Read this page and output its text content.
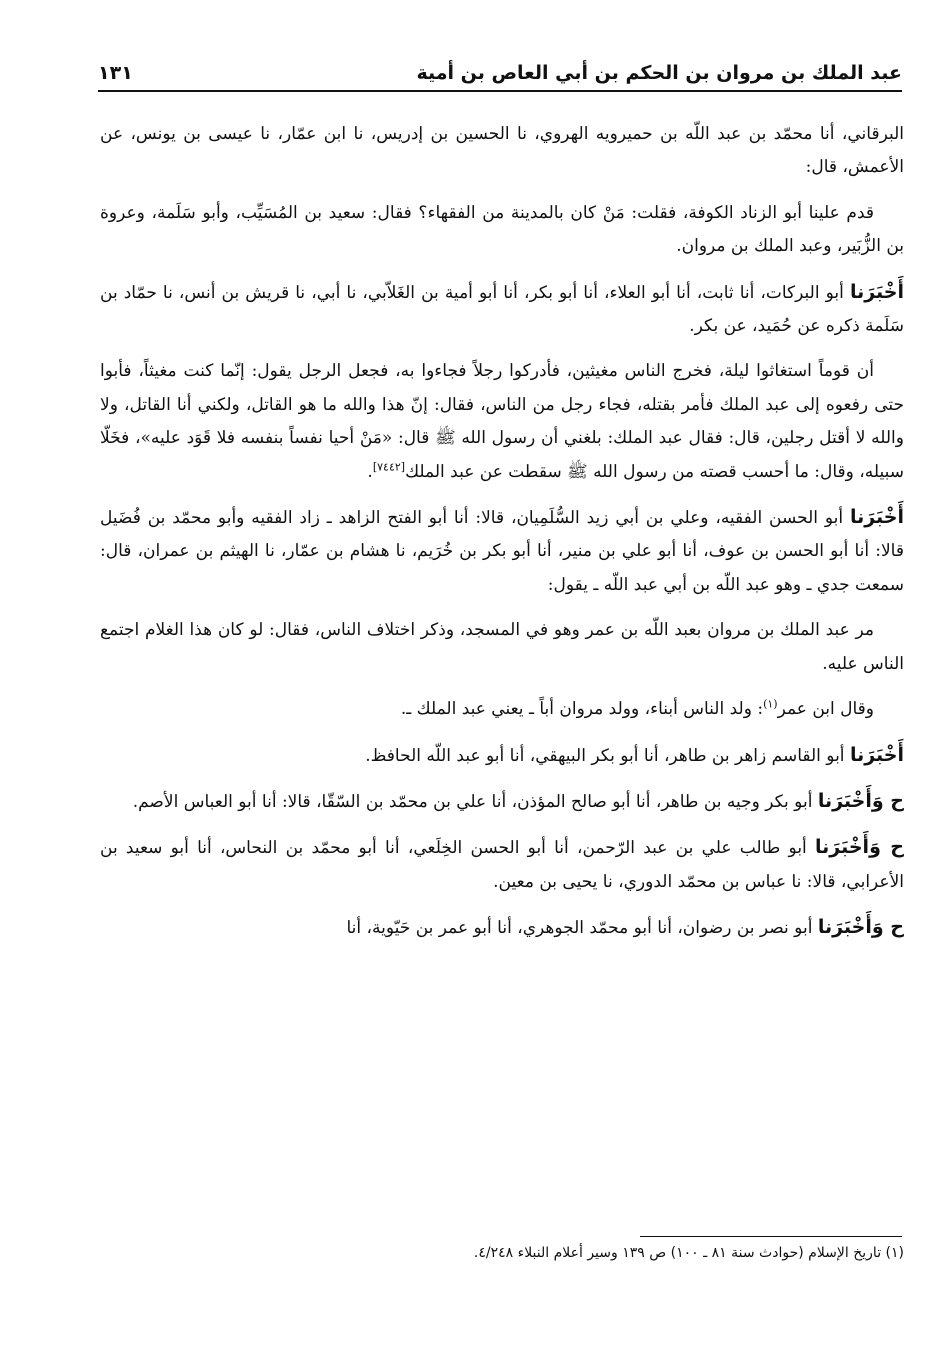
عبد الملك بن مروان بن الحكم بن أبي العاص بن أمية
١٣١

البرقاني، أنا محمّد بن عبد اللّه بن حميرويه الهروي، نا الحسين بن إدريس، نا ابن عمّار، نا عيسى بن يونس، عن الأعمش، قال:

قدم علينا أبو الزناد الكوفة، فقلت: مَنْ كان بالمدينة من الفقهاء؟ فقال: سعيد بن المُسَيِّب، وأبو سَلَمة، وعروة بن الزُّبَير، وعبد الملك بن مروان.

أَخْبَرَنا أبو البركات، أنا ثابت، أنا أبو العلاء، أنا أبو بكر، أنا أبو أمية بن الغَلاّبي، نا أبي، نا قريش بن أنس، نا حمّاد بن سَلَمة ذكره عن حُمَيد، عن بكر.

أن قوماً استغاثوا ليلة، فخرج الناس مغيثين، فأدركوا رجلاً فجاءوا به، فجعل الرجل يقول: إنّما كنت مغيثاً، فأبوا حتى رفعوه إلى عبد الملك فأمر بقتله، فجاء رجل من الناس، فقال: إنّ هذا والله ما هو القاتل، ولكني أنا القاتل، ولا والله لا أقتل رجلين، قال: فقال عبد الملك: بلغني أن رسول الله ﷺ قال: «مَنْ أحيا نفساً بنفسه فلا قَوَد عليه»، فخَلّا سبيله، وقال: ما أحسب قصته من رسول الله ﷺ سقطت عن عبد الملك[٧٤٤٢].

أَخْبَرَنا أبو الحسن الفقيه، وعلي بن أبي زيد السُّلَمِيان، قالا: أنا أبو الفتح الزاهد ـ زاد الفقيه وأبو محمّد بن فُضَيل قالا: أنا أبو الحسن بن عوف، أنا أبو علي بن منير، أنا أبو بكر بن خُرَيم، نا هشام بن عمّار، نا الهيثم بن عمران، قال: سمعت جدي ـ وهو عبد اللّه بن أبي عبد اللّه ـ يقول:

مر عبد الملك بن مروان بعبد اللّه بن عمر وهو في المسجد، وذكر اختلاف الناس، فقال: لو كان هذا الغلام اجتمع الناس عليه.

وقال ابن عمر$^{(١)}$: ولد الناس أبناء، وولد مروان أباً ـ يعني عبد الملك ـ.

أَخْبَرَنا أبو القاسم زاهر بن طاهر، أنا أبو بكر البيهقي، أنا أبو عبد اللّه الحافظ.

ح وَأَخْبَرَنا أبو بكر وجيه بن طاهر، أنا أبو صالح المؤذن، أنا علي بن محمّد بن السّقّا، قالا: أنا أبو العباس الأصم.

ح وَأَخْبَرَنا أبو طالب علي بن عبد الرّحمن، أنا أبو الحسن الخِلَعي، أنا أبو محمّد بن النحاس، أنا أبو سعيد بن الأعرابي، قالا: نا عباس بن محمّد الدوري، نا يحيى بن معين.

ح وَأَخْبَرَنا أبو نصر بن رضوان، أنا أبو محمّد الجوهري، أنا أبو عمر بن حَيّوية، أنا

(١) تاريخ الإسلام (حوادث سنة ٨١ ـ ١٠٠) ص ١٣٩ وسير أعلام النبلاء ٤/٢٤٨.
